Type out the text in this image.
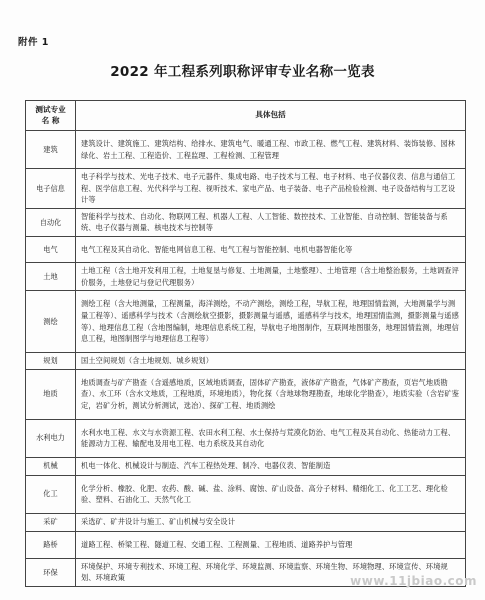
附件 1
2022 年工程系列职称评审专业名称一览表
测试专业
名 称	具体包括
建筑	建筑设计、建筑施工、建筑结构、给排水、建筑电气、暖通工程、市政工程、燃气工程、建筑材料、装饰装修、园林绿化、岩土工程、工程造价、工程监理、工程检测、工程管理
电子信息	电子科学与技术、光电子技术、电子元器件、集成电路、电子技术与工程、电子材料、电子仪器仪表、信息与通信工程、医学信息工程、光代科学与工程、视听技术、家电产品、电子装备、电子产品检验检测、电子设备结构与工艺设计等
自动化	智能科学与技术、自动化、物联网工程、机器人工程、人工智能、数控技术、工业智能、自动控制、智能装备与系统、电子仪器与测量、核电技术与控制等
电气	电气工程及其自动化、智能电网信息工程、电气工程与智能控制、电机电器智能化等
土地	土地工程（含土地开发利用工程，土地复垦与修复、土地测量，土地整理）、土地管理（含土地整治服务，土地调查评价服务，土地登记与登记代理服务）
测绘	测绘工程（含大地测量，工程测量，海洋测绘，不动产测绘，测绘工程，导航工程，地理国情监测，大地测量学与测量工程等）、遥感科学与技术（含测绘航空摄影，摄影测量与遥感，遥感科学与技术，地理国情监测，摄影测量与遥感等）、地理信息工程（含地图编制，地理信息系统工程，导航电子地图制作，互联网地图服务，地理国情监测，地理信息工程，地图制图学与地理信息工程等）
规划	国土空间规划（含土地规划、城乡规划）
地质	地质调查与矿产勘查（含遥感地质，区域地质调查，固体矿产勘查，液体矿产勘查，气体矿产勘查，页岩气地质勘查）、水工环（含水文地质，工程地质，环境地质），物化探（含地球物理勘查，地球化学勘查），地质实验（含岩矿鉴定，岩矿分析，测试分析测试，选冶）、探矿工程、地质测绘
水利电力	水利水电工程、水文与水资源工程、农田水利工程、水土保持与荒漠化防治、电气工程及其自动化、热能动力工程、能源动力工程、输配电及用电工程、电力系统及其自动化
机械	机电一体化、机械设计与制造、汽车工程热处理、制冷、电器仪表、智能制造
化工	化学分析、橡胶、化肥、农药、酸、碱、盐、涂料、腐蚀、矿山设备、高分子材料、精细化工、化工工艺、理化检验、塑料、石油化工、天然气化工
采矿	采选矿、矿井设计与施工、矿山机械与安全设计
路桥	道路工程、桥梁工程、隧道工程、交通工程、工程测量、工程地质、道路养护与管理
环保	环境保护、环境专利技术、环境工程、环境化学、环境监测、环境监察、环境生物、环境物理、环境宣传、环境规划、环境政策	www.11jbiao.com
